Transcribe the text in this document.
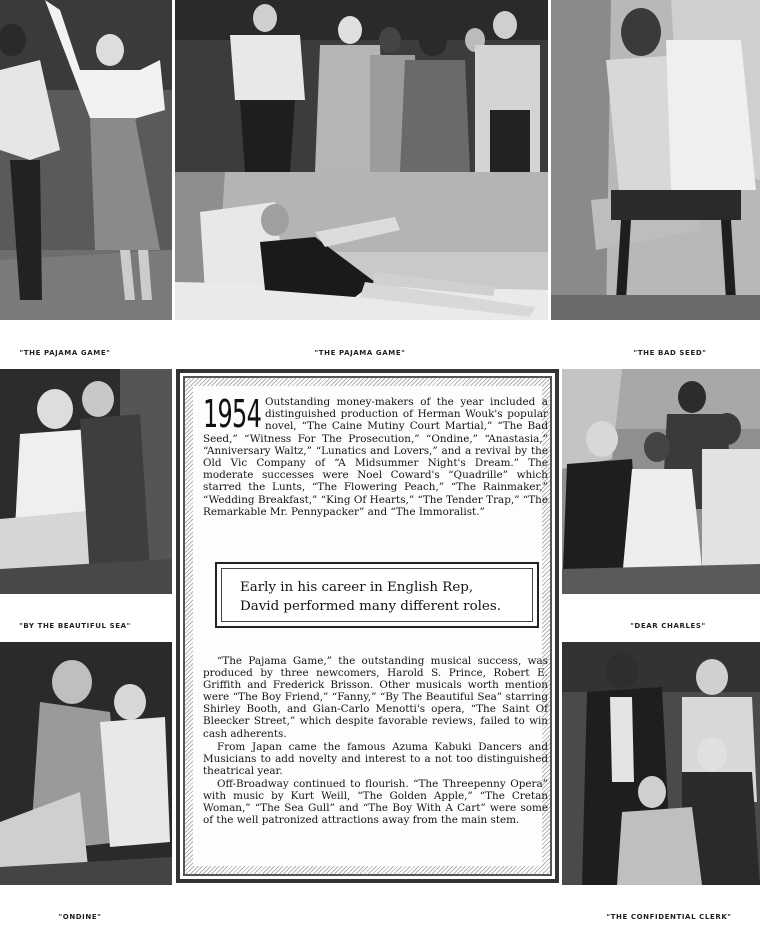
"THE PAJAMA GAME"	"THE PAJAMA GAME"	"THE BAD SEED"
"BY THE BEAUTIFUL SEA"	"DEAR CHARLES"
"ONDINE"	"THE CONFIDENTIAL CLERK"

Outstanding money-makers of the year included a distinguished production of Herman Wouk's popular novel, “The Caine Mutiny Court Martial,” “The Bad Seed,” “Witness For The Prosecution,” “Ondine,” “Anastasia,” “Anniversary Waltz,” “Lunatics and Lovers,” and a revival by the Old Vic Company of “A Midsummer Night's Dream.” The moderate successes were Noel Coward's “Quadrille” which starred the Lunts, “The Flowering Peach,” “The Rainmaker,” “Wedding Breakfast,” “King Of Hearts,” “The Tender Trap,” “The Remarkable Mr. Pennypacker” and “The Immoralist.”

1954
Early in his career in English Rep,
David performed many different roles.

“The Pajama Game,” the outstanding musical success, was produced by three newcomers, Harold S. Prince, Robert E. Griffith and Frederick Brisson. Other musicals worth mention were “The Boy Friend,” “Fanny,” “By The Beautiful Sea” starring Shirley Booth, and Gian-Carlo Menotti's opera, “The Saint Of Bleecker Street,” which despite favorable reviews, failed to win cash adherents.

From Japan came the famous Azuma Kabuki Dancers and Musicians to add novelty and interest to a not too distinguished theatrical year.

Off-Broadway continued to flourish. “The Threepenny Opera” with music by Kurt Weill, “The Golden Apple,” “The Cretan Woman,” “The Sea Gull” and “The Boy With A Cart” were some of the well patronized attractions away from the main stem.
